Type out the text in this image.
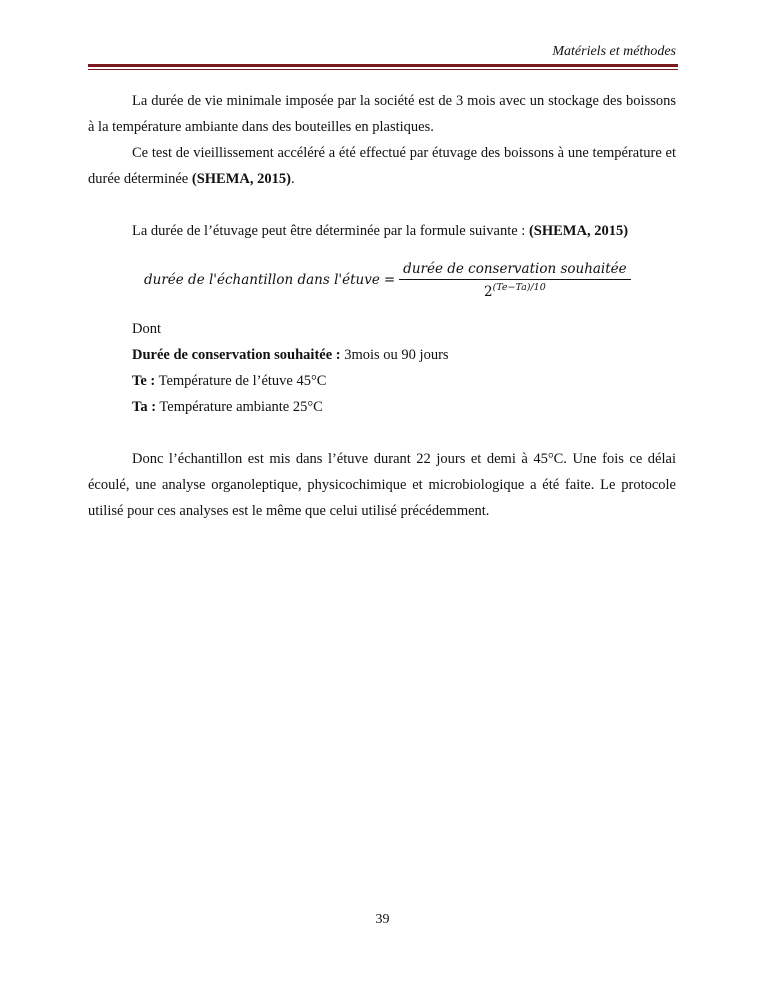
Matériels et méthodes

La durée de vie minimale imposée par la société est de 3 mois avec un stockage des boissons à la température ambiante dans des bouteilles en plastiques.

Ce test de vieillissement accéléré a été effectué par étuvage des boissons à une température et durée déterminée (SHEMA, 2015).

La durée de l’étuvage peut être déterminée par la formule suivante : (SHEMA, 2015)

durée de l'échantillon dans l'étuve = $\frac{\text{durée de conservation souhaitée}}{2^{(Te-Ta)/10}}$

Dont

Durée de conservation souhaitée : 3mois ou 90 jours

Te : Température de l’étuve 45°C

Ta : Température ambiante 25°C

Donc l’échantillon est mis dans l’étuve durant 22 jours et demi à 45°C. Une fois ce délai écoulé, une analyse organoleptique, physicochimique et microbiologique a été faite. Le protocole utilisé pour ces analyses est le même que celui utilisé précédemment.

39
